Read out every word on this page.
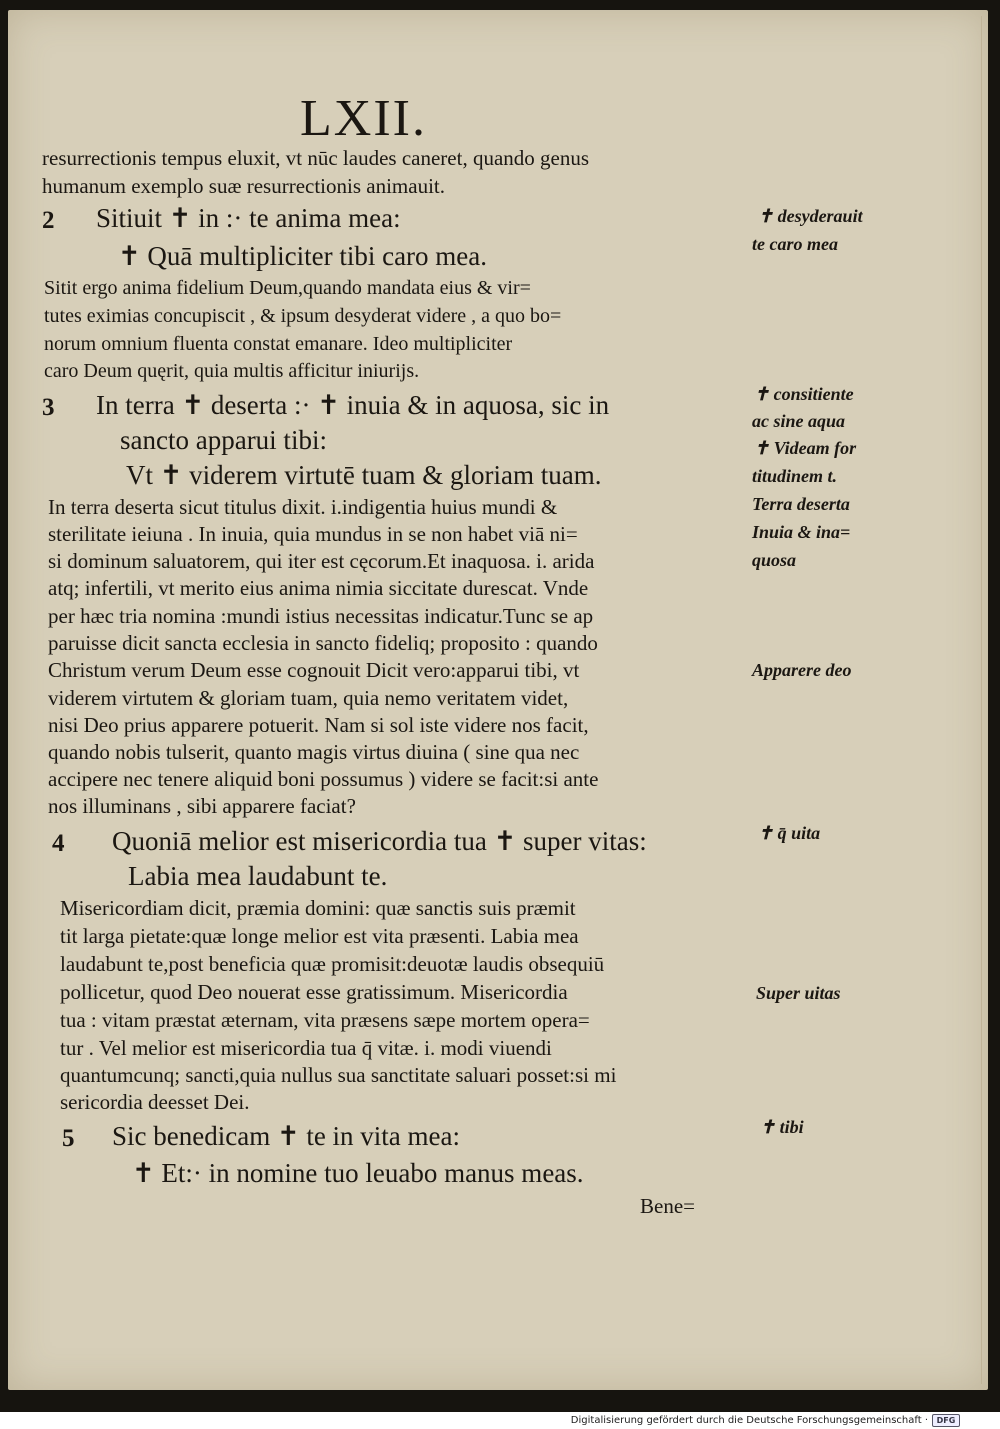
LXII.
resurrectionis tempus eluxit, vt nūc laudes caneret, quando genus
humanum exemplo suæ resurrectionis animauit.
2 Sitiuit ✝ in :· te anima mea:
✝ Quā multipliciter tibi caro mea.
Sitit ergo anima fidelium Deum,quando mandata eius & vir=
tutes eximias concupiscit , & ipsum desyderat videre , a quo bo=
norum omnium fluenta constat emanare. Ideo multipliciter
caro Deum quęrit, quia multis afficitur iniurijs.
3 In terra ✝ deserta :· ✝ inuia & in aquosa, sic in
sancto apparui tibi:
Vt ✝ viderem virtutē tuam & gloriam tuam.
In terra deserta sicut titulus dixit. i.indigentia huius mundi &
sterilitate ieiuna . In inuia, quia mundus in se non habet viā ni=
si dominum saluatorem, qui iter est cęcorum.Et inaquosa. i. arida
atq; infertili, vt merito eius anima nimia siccitate durescat. Vnde
per hæc tria nomina :mundi istius necessitas indicatur.Tunc se ap
paruisse dicit sancta ecclesia in sancto fideliq; proposito : quando
Christum verum Deum esse cognouit Dicit vero:apparui tibi, vt
viderem virtutem & gloriam tuam, quia nemo veritatem videt,
nisi Deo prius apparere potuerit. Nam si sol iste videre nos facit,
quando nobis tulserit, quanto magis virtus diuina ( sine qua nec
accipere nec tenere aliquid boni possumus ) videre se facit:si ante
nos illuminans , sibi apparere faciat?
4 Quoniā melior est misericordia tua ✝ super vitas:
Labia mea laudabunt te.
Misericordiam dicit, præmia domini: quæ sanctis suis præmit
tit larga pietate:quæ longe melior est vita præsenti. Labia mea
laudabunt te,post beneficia quæ promisit:deuotæ laudis obsequiū
pollicetur, quod Deo nouerat esse gratissimum. Misericordia
tua : vitam præstat æternam, vita præsens sæpe mortem opera=
tur . Vel melior est misericordia tua q̄ vitæ. i. modi viuendi
quantumcunq; sancti,quia nullus sua sanctitate saluari posset:si mi
sericordia deesset Dei.
5 Sic benedicam ✝ te in vita mea:
✝ Et:· in nomine tuo leuabo manus meas.
Bene=
✝ desyderauit
te caro mea
✝ consitiente
ac sine aqua
✝ Videam for
titudinem t.
Terra deserta
Inuia & ina=
quosa
Apparere deo
✝ q̄ uita
Super uitas
✝ tibi
Digitalisierung gefördert durch die Deutsche Forschungsgemeinschaft ·	DFG
